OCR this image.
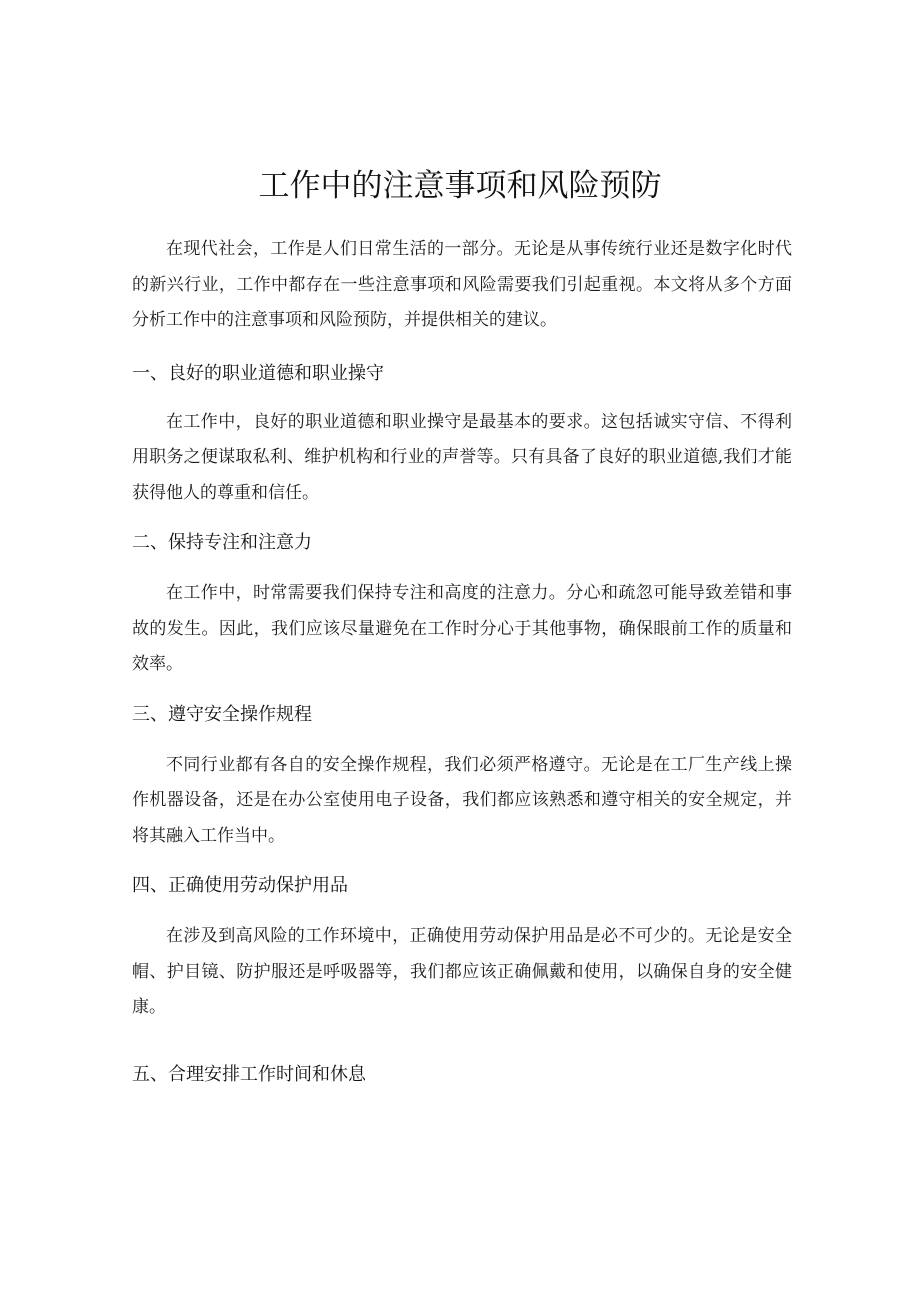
工作中的注意事项和风险预防

在现代社会，工作是人们日常生活的一部分。无论是从事传统行业还是数字化时代的新兴行业，工作中都存在一些注意事项和风险需要我们引起重视。本文将从多个方面分析工作中的注意事项和风险预防，并提供相关的建议。

一、良好的职业道德和职业操守

在工作中，良好的职业道德和职业操守是最基本的要求。这包括诚实守信、不得利用职务之便谋取私利、维护机构和行业的声誉等。只有具备了良好的职业道德,我们才能获得他人的尊重和信任。

二、保持专注和注意力

在工作中，时常需要我们保持专注和高度的注意力。分心和疏忽可能导致差错和事故的发生。因此，我们应该尽量避免在工作时分心于其他事物，确保眼前工作的质量和效率。

三、遵守安全操作规程

不同行业都有各自的安全操作规程，我们必须严格遵守。无论是在工厂生产线上操作机器设备，还是在办公室使用电子设备，我们都应该熟悉和遵守相关的安全规定，并将其融入工作当中。

四、正确使用劳动保护用品

在涉及到高风险的工作环境中，正确使用劳动保护用品是必不可少的。无论是安全帽、护目镜、防护服还是呼吸器等，我们都应该正确佩戴和使用，以确保自身的安全健康。

五、合理安排工作时间和休息
